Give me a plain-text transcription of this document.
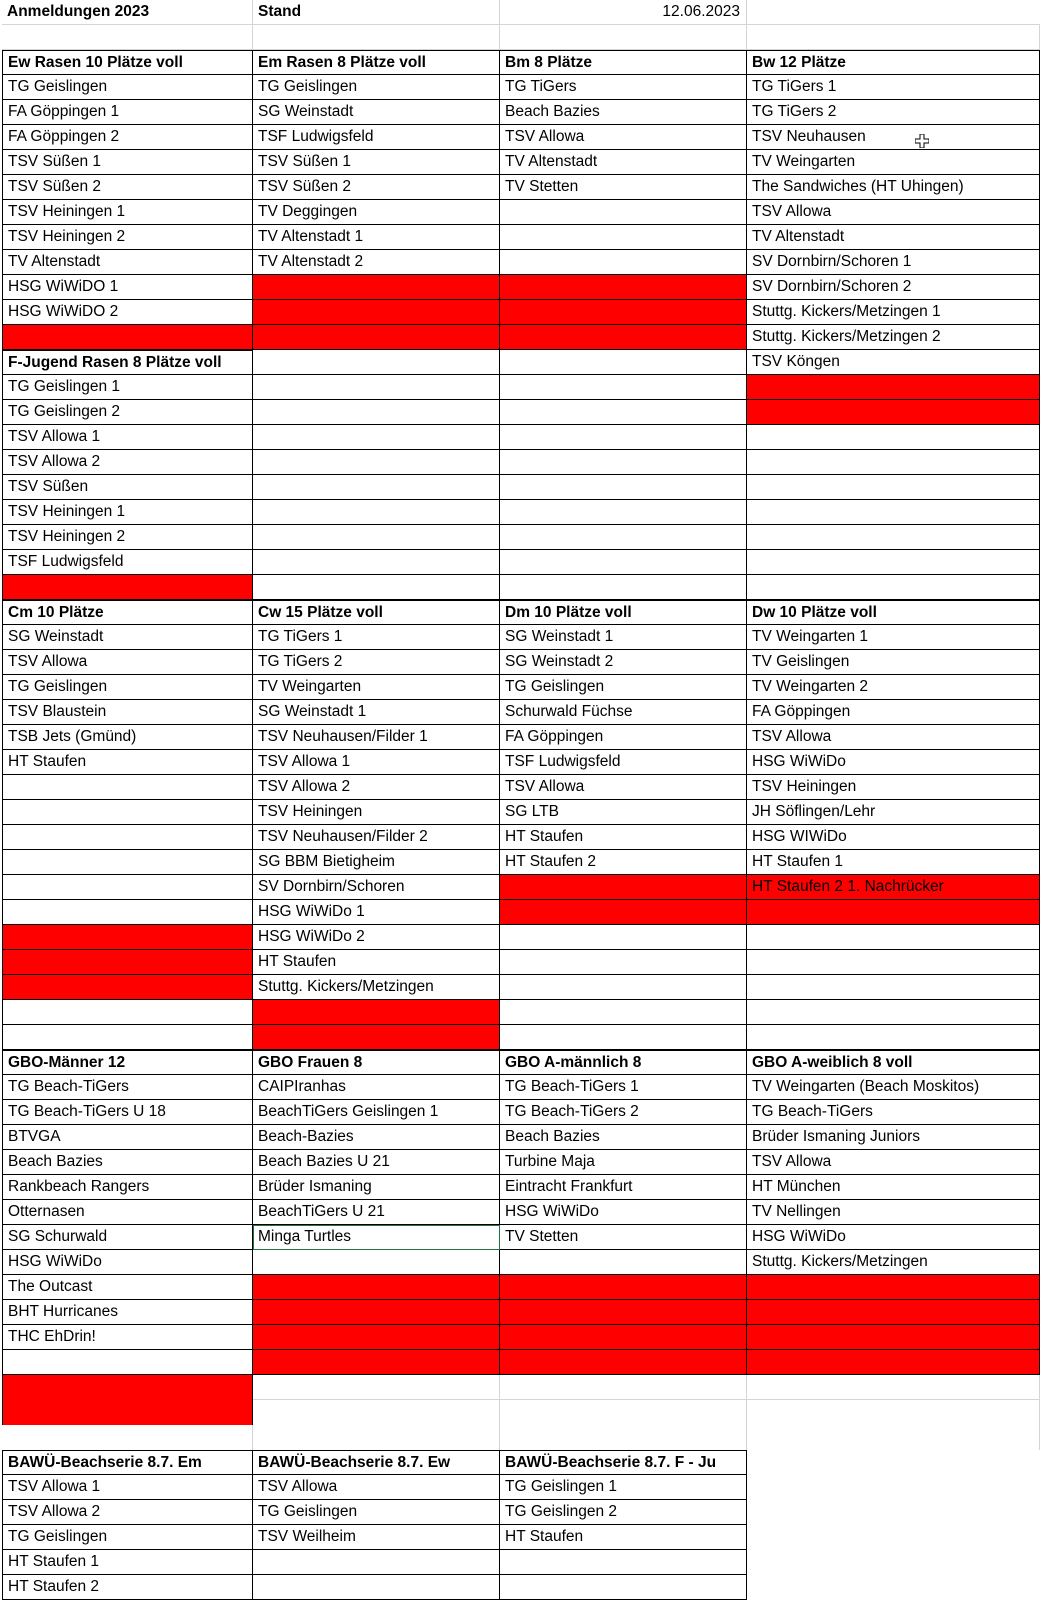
Anmeldungen 2023	Stand	12.06.2023
Ew Rasen 10 Plätze voll
TG Geislingen
FA Göppingen 1
FA Göppingen 2
TSV Süßen 1
TSV Süßen 2
TSV Heiningen 1
TSV Heiningen 2
TV Altenstadt
HSG WiWiDO 1
HSG WiWiDO 2
Em Rasen 8 Plätze voll
TG Geislingen
SG Weinstadt
TSF Ludwigsfeld
TSV Süßen 1
TSV Süßen 2
TV Deggingen
TV Altenstadt 1
TV Altenstadt 2
Bm 8 Plätze
TG TiGers
Beach Bazies
TSV Allowa
TV Altenstadt
TV Stetten
Bw 12 Plätze
TG TiGers 1
TG TiGers 2
TSV Neuhausen
TV Weingarten
The Sandwiches (HT Uhingen)
TSV Allowa
TV Altenstadt
SV Dornbirn/Schoren 1
SV Dornbirn/Schoren 2
Stuttg. Kickers/Metzingen 1
Stuttg. Kickers/Metzingen 2
TSV Köngen
F-Jugend Rasen 8 Plätze voll
TG Geislingen 1
TG Geislingen 2
TSV Allowa 1
TSV Allowa 2
TSV Süßen
TSV Heiningen 1
TSV Heiningen 2
TSF Ludwigsfeld
Cm 10 Plätze
SG Weinstadt
TSV Allowa
TG Geislingen
TSV Blaustein
TSB Jets (Gmünd)
HT Staufen
Cw 15 Plätze voll
TG TiGers 1
TG TiGers 2
TV Weingarten
SG Weinstadt 1
TSV Neuhausen/Filder 1
TSV Allowa 1
TSV Allowa 2
TSV Heiningen
TSV Neuhausen/Filder 2
SG BBM Bietigheim
SV Dornbirn/Schoren
HSG WiWiDo 1
HSG WiWiDo 2
HT Staufen
Stuttg. Kickers/Metzingen
Dm 10 Plätze voll
SG Weinstadt 1
SG Weinstadt 2
TG Geislingen
Schurwald Füchse
FA Göppingen
TSF Ludwigsfeld
TSV Allowa
SG LTB
HT Staufen
HT Staufen 2
Dw 10 Plätze voll
TV Weingarten 1
TV Geislingen
TV Weingarten 2
FA Göppingen
TSV Allowa
HSG WiWiDo
TSV Heiningen
JH Söflingen/Lehr
HSG WIWiDo
HT Staufen 1
HT Staufen 2 1. Nachrücker
GBO-Männer 12
TG Beach-TiGers
TG Beach-TiGers U 18
BTVGA
Beach Bazies
Rankbeach Rangers
Otternasen
SG Schurwald
HSG WiWiDo
The Outcast
BHT Hurricanes
THC EhDrin!
GBO Frauen 8
CAIPIranhas
BeachTiGers Geislingen 1
Beach-Bazies
Beach Bazies U 21
Brüder Ismaning
BeachTiGers U 21
Minga Turtles
GBO A-männlich 8
TG Beach-TiGers 1
TG Beach-TiGers 2
Beach Bazies
Turbine Maja
Eintracht Frankfurt
HSG WiWiDo
TV Stetten
GBO A-weiblich 8 voll
TV Weingarten (Beach Moskitos)
TG Beach-TiGers
Brüder Ismaning Juniors
TSV Allowa
HT München
TV Nellingen
HSG WiWiDo
Stuttg. Kickers/Metzingen
BAWÜ-Beachserie 8.7. Em
TSV Allowa 1
TSV Allowa 2
TG Geislingen
HT Staufen 1
HT Staufen 2
BAWÜ-Beachserie 8.7. Ew
TSV Allowa
TG Geislingen
TSV Weilheim
BAWÜ-Beachserie 8.7. F - Ju
TG Geislingen 1
TG Geislingen 2
HT Staufen
